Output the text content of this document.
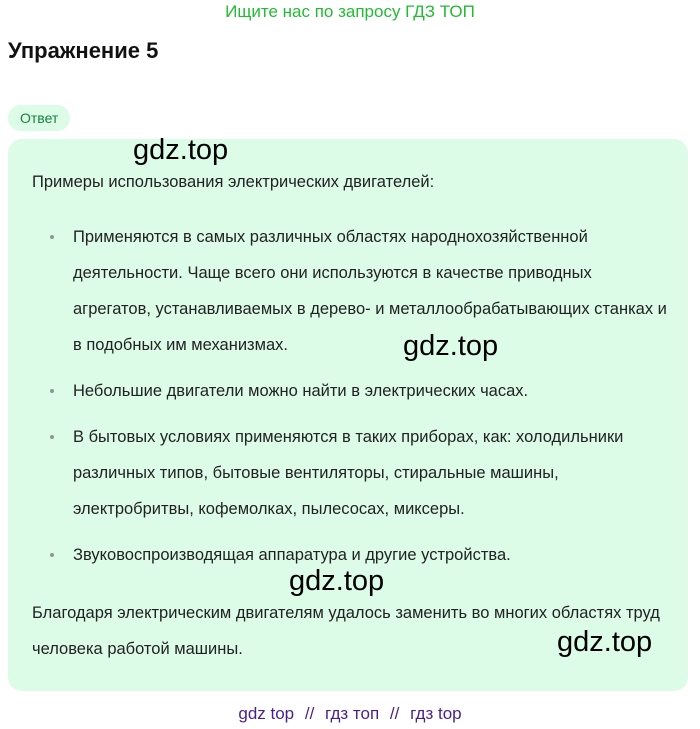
Ищите нас по запросу ГДЗ ТОП
Упражнение 5
Ответ

Примеры использования электрических двигателей:

Применяются в самых различных областях народнохозяйственной деятельности. Чаще всего они используются в качестве приводных агрегатов, устанавливаемых в дерево- и металлообрабатывающих станках и в подобных им механизмах.
Небольшие двигатели можно найти в электрических часах.
В бытовых условиях применяются в таких приборах, как: холодильники различных типов, бытовые вентиляторы, стиральные машины, электробритвы, кофемолках, пылесосах, миксеры.
Звуковоспроизводящая аппаратура и другие устройства.

Благодаря электрическим двигателям удалось заменить во многих областях труд человека работой машины.

gdz.top
gdz.top
gdz.top
gdz.top
gdz top // гдз топ // гдз top
